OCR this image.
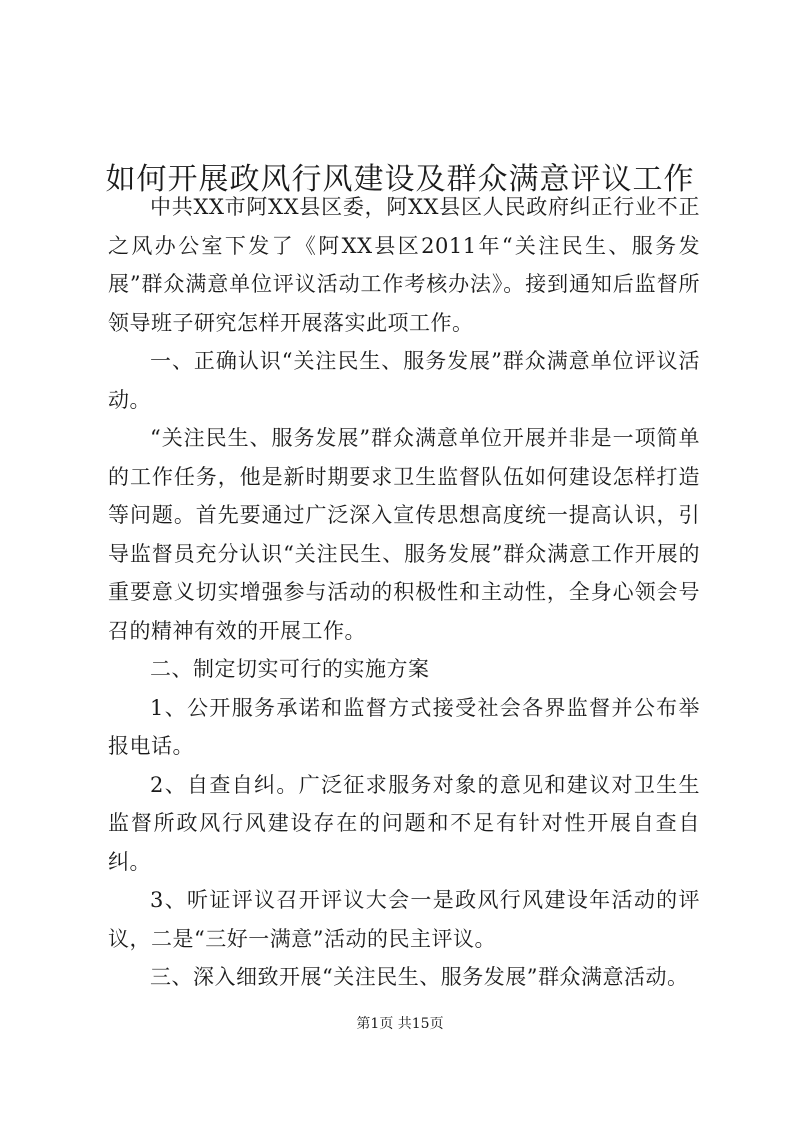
如何开展政风行风建设及群众满意评议工作

中共XX市阿XX县区委，阿XX县区人民政府纠正行业不正之风办公室下发了《阿XX县区2011年“关注民生、服务发展”群众满意单位评议活动工作考核办法》。接到通知后监督所领导班子研究怎样开展落实此项工作。

一、正确认识“关注民生、服务发展”群众满意单位评议活动。

“关注民生、服务发展”群众满意单位开展并非是一项简单的工作任务，他是新时期要求卫生监督队伍如何建设怎样打造等问题。首先要通过广泛深入宣传思想高度统一提高认识，引导监督员充分认识“关注民生、服务发展”群众满意工作开展的重要意义切实增强参与活动的积极性和主动性，全身心领会号召的精神有效的开展工作。

二、制定切实可行的实施方案

1、公开服务承诺和监督方式接受社会各界监督并公布举报电话。

2、自查自纠。广泛征求服务对象的意见和建议对卫生生监督所政风行风建设存在的问题和不足有针对性开展自查自纠。

3、听证评议召开评议大会一是政风行风建设年活动的评议，二是“三好一满意”活动的民主评议。

三、深入细致开展“关注民生、服务发展”群众满意活动。

第1页 共15页
